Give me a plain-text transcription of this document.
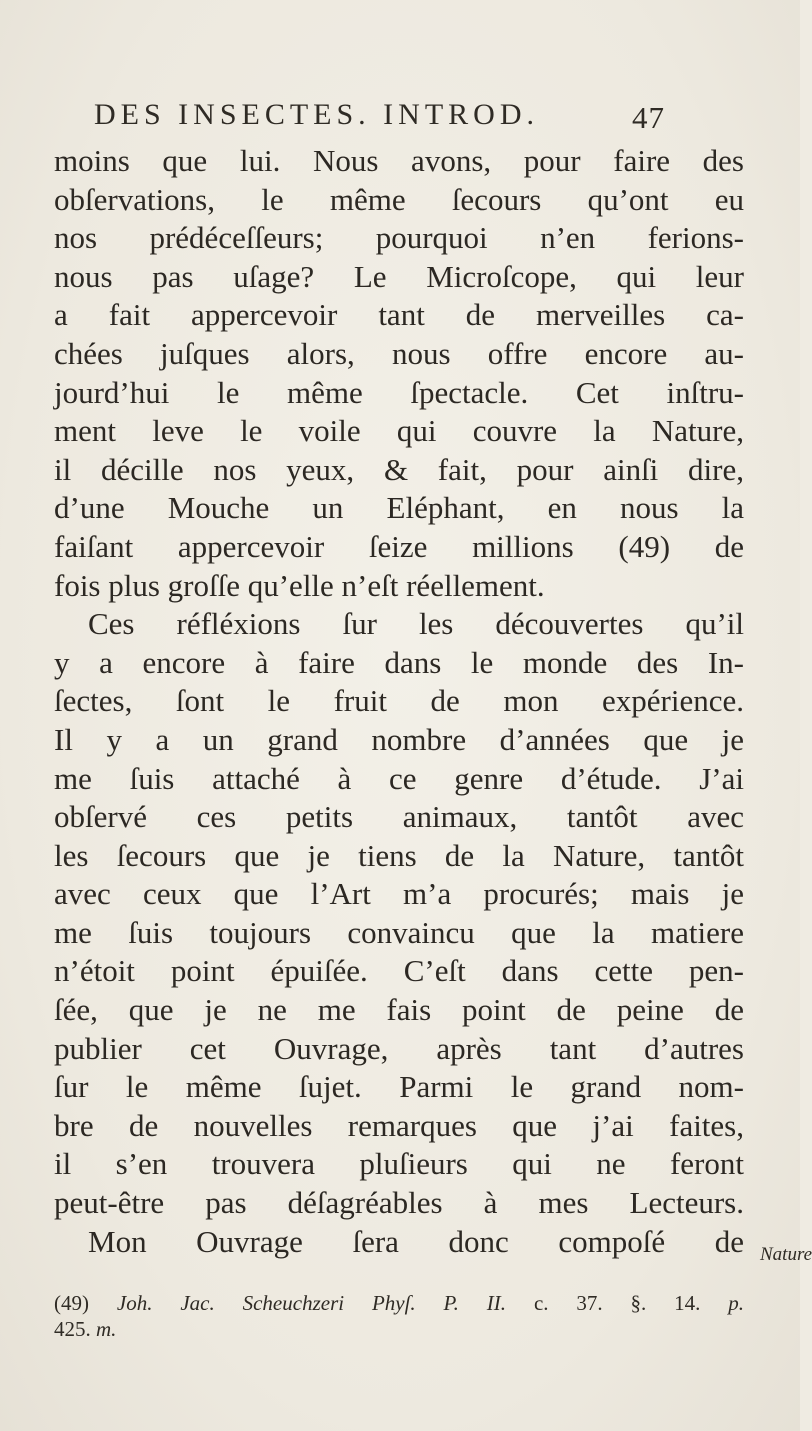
DES INSECTES. INTROD.	47
moins que lui. Nous avons, pour faire des
obſervations, le même ſecours qu’ont eu
nos prédéceſſeurs; pourquoi n’en ferions-
nous pas uſage? Le Microſcope, qui leur
a fait appercevoir tant de merveilles ca-
chées juſques alors, nous offre encore au-
jourd’hui le même ſpectacle. Cet inſtru-
ment leve le voile qui couvre la Nature,
il décille nos yeux, & fait, pour ainſi dire,
d’une Mouche un Eléphant, en nous la
faiſant appercevoir ſeize millions (49) de
fois plus groſſe qu’elle n’eſt réellement.
Ces réfléxions ſur les découvertes qu’il
y a encore à faire dans le monde des In-
ſectes, ſont le fruit de mon expérience.
Il y a un grand nombre d’années que je
me ſuis attaché à ce genre d’étude. J’ai
obſervé ces petits animaux, tantôt avec
les ſecours que je tiens de la Nature, tantôt
avec ceux que l’Art m’a procurés; mais je
me ſuis toujours convaincu que la matiere
n’étoit point épuiſée. C’eſt dans cette pen-
ſée, que je ne me fais point de peine de
publier cet Ouvrage, après tant d’autres
ſur le même ſujet. Parmi le grand nom-
bre de nouvelles remarques que j’ai faites,
il s’en trouvera pluſieurs qui ne feront
peut-être pas déſagréables à mes Lecteurs.
Mon Ouvrage ſera donc compoſé de Nature
(49) Joh. Jac. Scheuchzeri Phyſ. P. II. c. 37. §. 14. p.
425. m.
